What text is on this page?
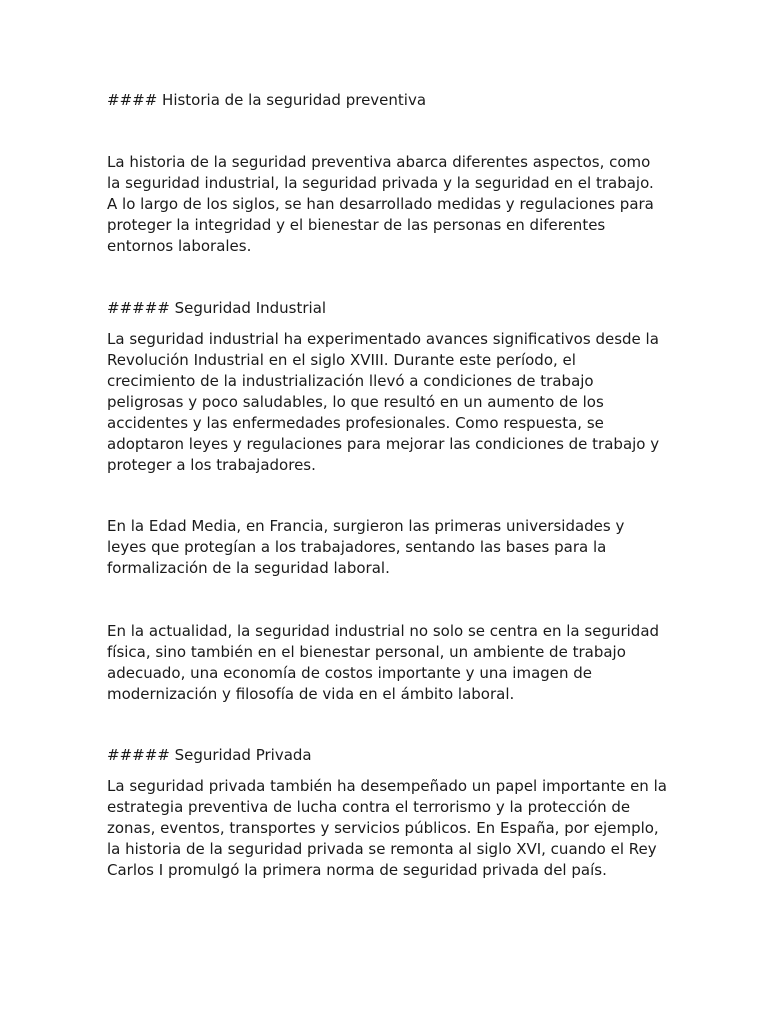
#### Historia de la seguridad preventiva

La historia de la seguridad preventiva abarca diferentes aspectos, como la seguridad industrial, la seguridad privada y la seguridad en el trabajo. A lo largo de los siglos, se han desarrollado medidas y regulaciones para proteger la integridad y el bienestar de las personas en diferentes entornos laborales.

##### Seguridad Industrial

La seguridad industrial ha experimentado avances significativos desde la Revolución Industrial en el siglo XVIII. Durante este período, el crecimiento de la industrialización llevó a condiciones de trabajo peligrosas y poco saludables, lo que resultó en un aumento de los accidentes y las enfermedades profesionales. Como respuesta, se adoptaron leyes y regulaciones para mejorar las condiciones de trabajo y proteger a los trabajadores.

En la Edad Media, en Francia, surgieron las primeras universidades y leyes que protegían a los trabajadores, sentando las bases para la formalización de la seguridad laboral.

En la actualidad, la seguridad industrial no solo se centra en la seguridad física, sino también en el bienestar personal, un ambiente de trabajo adecuado, una economía de costos importante y una imagen de modernización y filosofía de vida en el ámbito laboral.

##### Seguridad Privada

La seguridad privada también ha desempeñado un papel importante en la estrategia preventiva de lucha contra el terrorismo y la protección de zonas, eventos, transportes y servicios públicos. En España, por ejemplo, la historia de la seguridad privada se remonta al siglo XVI, cuando el Rey Carlos I promulgó la primera norma de seguridad privada del país.
